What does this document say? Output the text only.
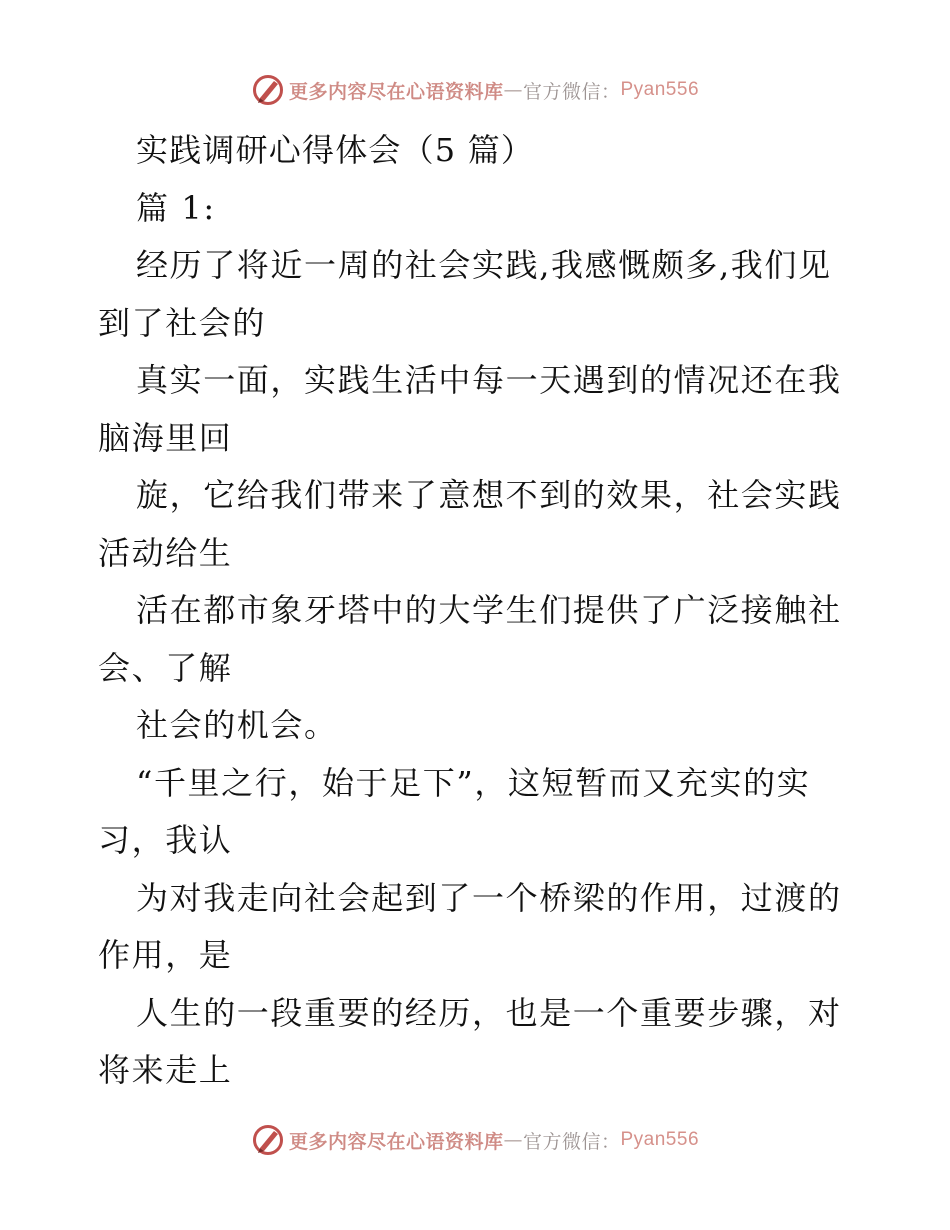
更多内容尽在心语资料库 — 官方微信： Pyan556
实践调研心得体会（5 篇）
篇 1:
经历了将近一周的社会实践,我感慨颇多,我们见
到了社会的
真实一面，实践生活中每一天遇到的情况还在我
脑海里回
旋，它给我们带来了意想不到的效果，社会实践
活动给生
活在都市象牙塔中的大学生们提供了广泛接触社
会、了解
社会的机会。
“千里之行，始于足下”，这短暂而又充实的实
习，我认
为对我走向社会起到了一个桥梁的作用，过渡的
作用，是
人生的一段重要的经历，也是一个重要步骤，对
将来走上
更多内容尽在心语资料库 — 官方微信： Pyan556
